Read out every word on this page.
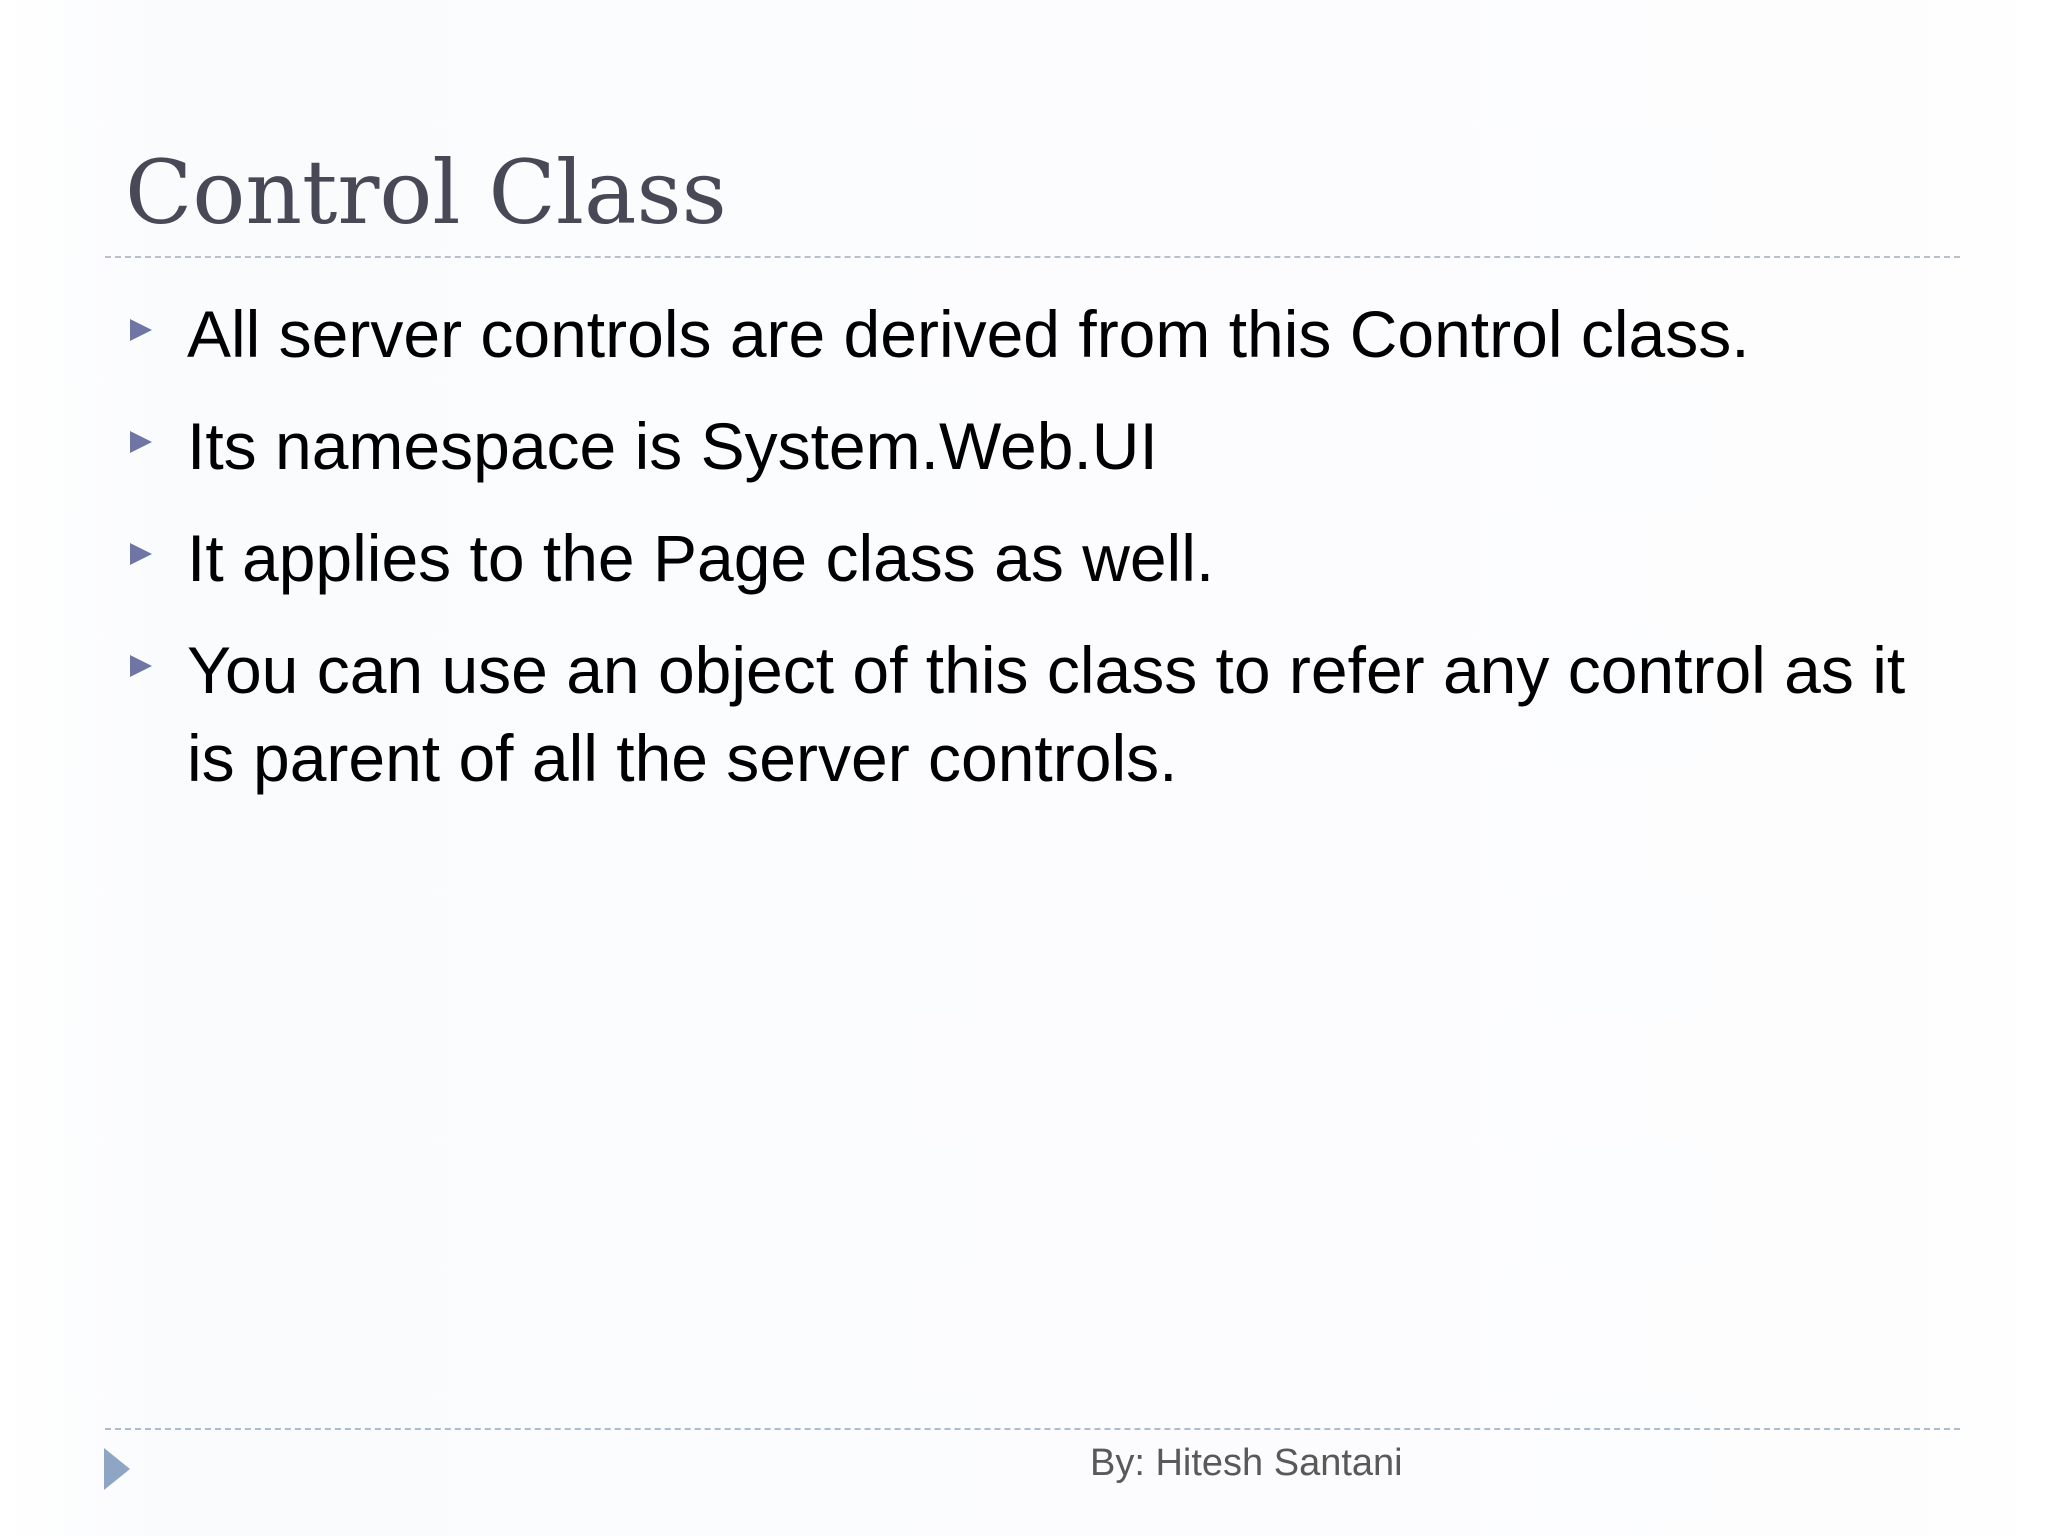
Control Class
All server controls are derived from this Control class.
Its namespace is System.Web.UI
It applies to the Page class as well.
You can use an object of this class to refer any control as it is parent of all the server controls.
By: Hitesh Santani
